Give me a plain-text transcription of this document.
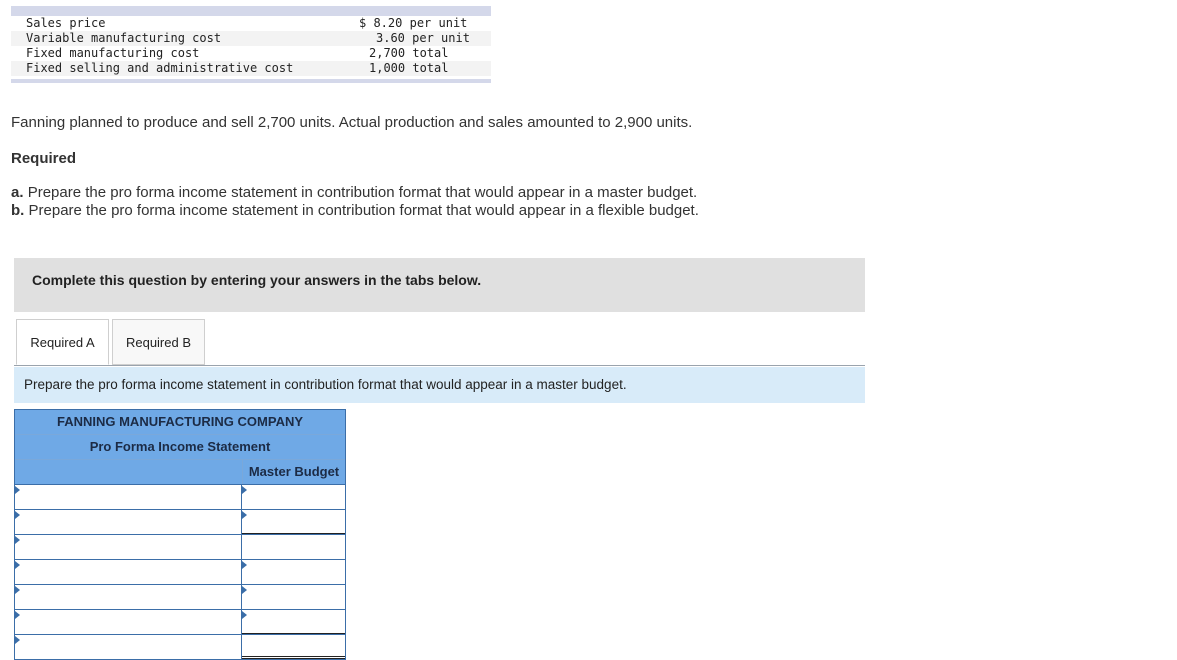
Sales price	$ 8.20 per unit
Variable manufacturing cost	3.60 per unit
Fixed manufacturing cost	2,700 total
Fixed selling and administrative cost	1,000 total
Fanning planned to produce and sell 2,700 units. Actual production and sales amounted to 2,900 units.
Required
a. Prepare the pro forma income statement in contribution format that would appear in a master budget.
b. Prepare the pro forma income statement in contribution format that would appear in a flexible budget.
Complete this question by entering your answers in the tabs below.
Required A	Required B
Prepare the pro forma income statement in contribution format that would appear in a master budget.
FANNING MANUFACTURING COMPANY
Pro Forma Income Statement
Master Budget
